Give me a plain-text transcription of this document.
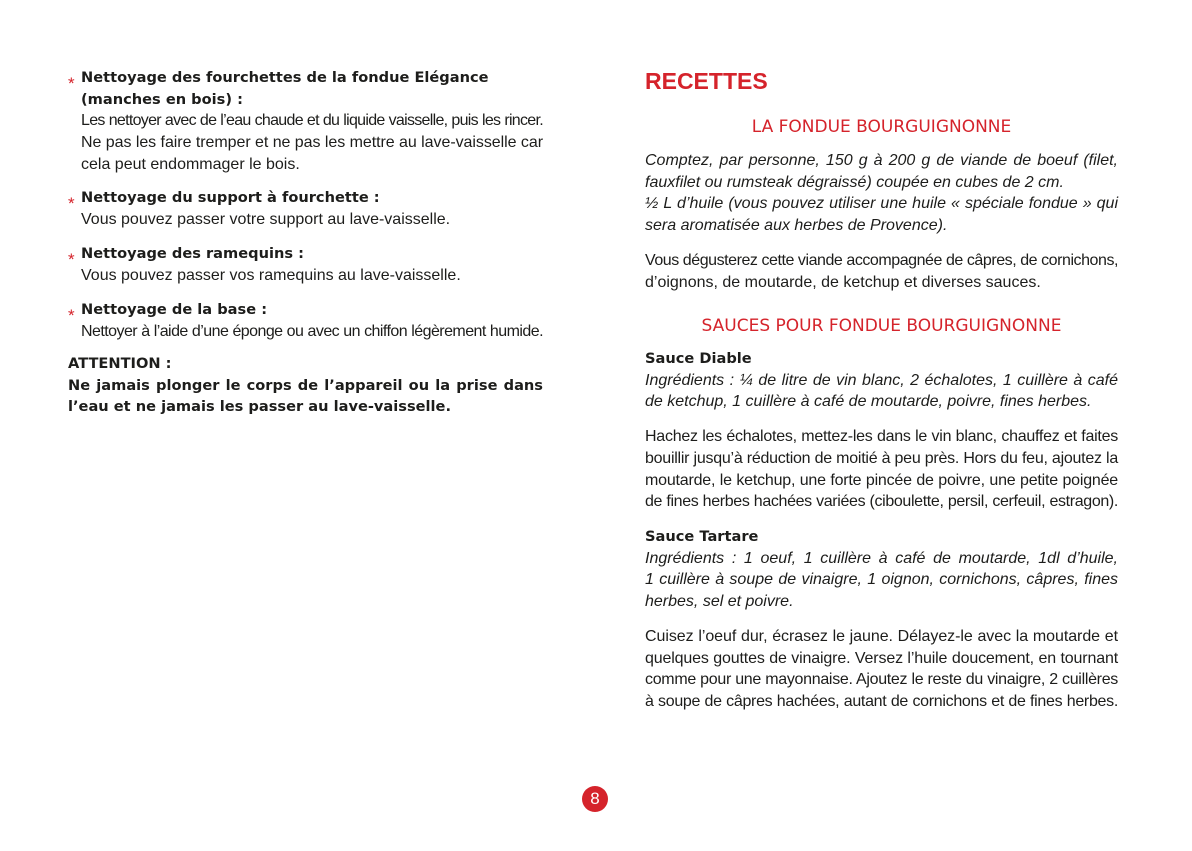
* Nettoyage des fourchettes de la fondue Elégance
(manches en bois) :
Les nettoyer avec de l’eau chaude et du liquide vaisselle, puis les rincer.
Ne pas les faire tremper et ne pas les mettre au lave-vaisselle car
cela peut endommager le bois.
* Nettoyage du support à fourchette :
Vous pouvez passer votre support au lave-vaisselle.
* Nettoyage des ramequins :
Vous pouvez passer vos ramequins au lave-vaisselle.
* Nettoyage de la base :
Nettoyer à l’aide d’une éponge ou avec un chiffon légèrement humide.
ATTENTION :
Ne jamais plonger le corps de l’appareil ou la prise dans
l’eau et ne jamais les passer au lave-vaisselle.
RECETTES
LA FONDUE BOURGUIGNONNE
Comptez, par personne, 150 g à 200 g de viande de boeuf (filet,
fauxfilet ou rumsteak dégraissé) coupée en cubes de 2 cm.
½ L d’huile (vous pouvez utiliser une huile « spéciale fondue » qui
sera aromatisée aux herbes de Provence).
Vous dégusterez cette viande accompagnée de câpres, de cornichons,
d’oignons, de moutarde, de ketchup et diverses sauces.
SAUCES POUR FONDUE BOURGUIGNONNE
Sauce Diable
Ingrédients : ¼ de litre de vin blanc, 2 échalotes, 1 cuillère à café
de ketchup, 1 cuillère à café de moutarde, poivre, fines herbes.
Hachez les échalotes, mettez-les dans le vin blanc, chauffez et faites
bouillir jusqu’à réduction de moitié à peu près. Hors du feu, ajoutez la
moutarde, le ketchup, une forte pincée de poivre, une petite poignée
de fines herbes hachées variées (ciboulette, persil, cerfeuil, estragon).
Sauce Tartare
Ingrédients : 1 oeuf, 1 cuillère à café de moutarde, 1dl d’huile,
1 cuillère à soupe de vinaigre, 1 oignon, cornichons, câpres, fines
herbes, sel et poivre.
Cuisez l’oeuf dur, écrasez le jaune. Délayez-le avec la moutarde et
quelques gouttes de vinaigre. Versez l’huile doucement, en tournant
comme pour une mayonnaise. Ajoutez le reste du vinaigre, 2 cuillères
à soupe de câpres hachées, autant de cornichons et de fines herbes.
8
